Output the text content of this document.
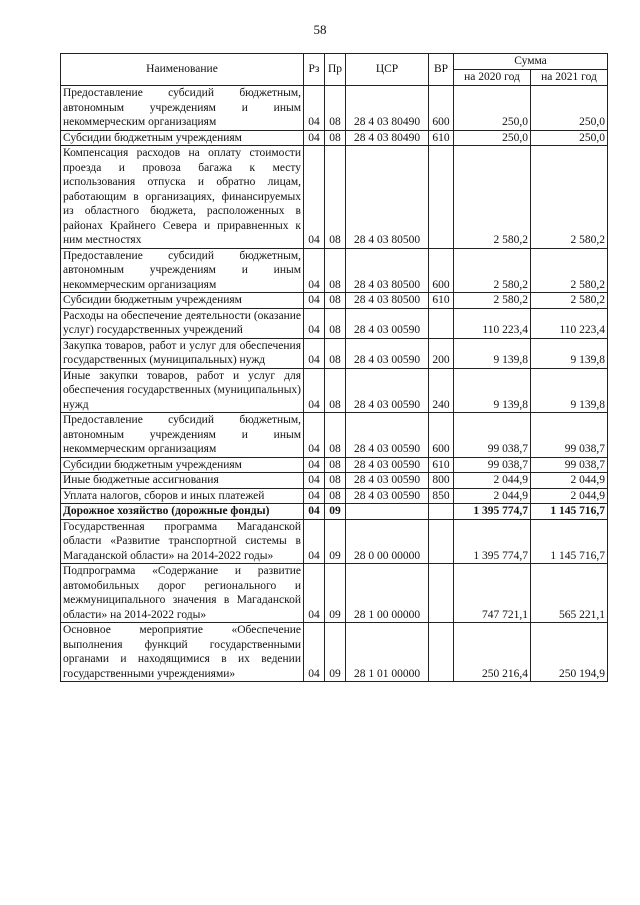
58
Наименование	Рз	Пр	ЦСР	ВР	Сумма	
					на 2020 год	на 2021 год
Предоставление субсидий бюджетным, автономным учреждениям и иным некоммерческим организациям	04	08	28 4 03 80490	600	250,0	250,0
Субсидии бюджетным учреждениям	04	08	28 4 03 80490	610	250,0	250,0
Компенсация расходов на оплату стоимости проезда и провоза багажа к месту использования отпуска и обратно лицам, работающим в организациях, финансируемых из областного бюджета, расположенных в районах Крайнего Севера и приравненных к ним местностях	04	08	28 4 03 80500		2 580,2	2 580,2
Предоставление субсидий бюджетным, автономным учреждениям и иным некоммерческим организациям	04	08	28 4 03 80500	600	2 580,2	2 580,2
Субсидии бюджетным учреждениям	04	08	28 4 03 80500	610	2 580,2	2 580,2
Расходы на обеспечение деятельности (оказание услуг) государственных учреждений	04	08	28 4 03 00590		110 223,4	110 223,4
Закупка товаров, работ и услуг для обеспечения государственных (муниципальных) нужд	04	08	28 4 03 00590	200	9 139,8	9 139,8
Иные закупки товаров, работ и услуг для обеспечения государственных (муниципальных) нужд	04	08	28 4 03 00590	240	9 139,8	9 139,8
Предоставление субсидий бюджетным, автономным учреждениям и иным некоммерческим организациям	04	08	28 4 03 00590	600	99 038,7	99 038,7
Субсидии бюджетным учреждениям	04	08	28 4 03 00590	610	99 038,7	99 038,7
Иные бюджетные ассигнования	04	08	28 4 03 00590	800	2 044,9	2 044,9
Уплата налогов, сборов и иных платежей	04	08	28 4 03 00590	850	2 044,9	2 044,9
Дорожное хозяйство (дорожные фонды)	04	09			1 395 774,7	1 145 716,7
Государственная программа Магаданской области «Развитие транспортной системы в Магаданской области» на 2014-2022 годы»	04	09	28 0 00 00000		1 395 774,7	1 145 716,7
Подпрограмма «Содержание и развитие автомобильных дорог регионального и межмуниципального значения в Магаданской области» на 2014-2022 годы»	04	09	28 1 00 00000		747 721,1	565 221,1
Основное мероприятие «Обеспечение выполнения функций государственными органами и находящимися в их ведении государственными учреждениями»	04	09	28 1 01 00000		250 216,4	250 194,9
